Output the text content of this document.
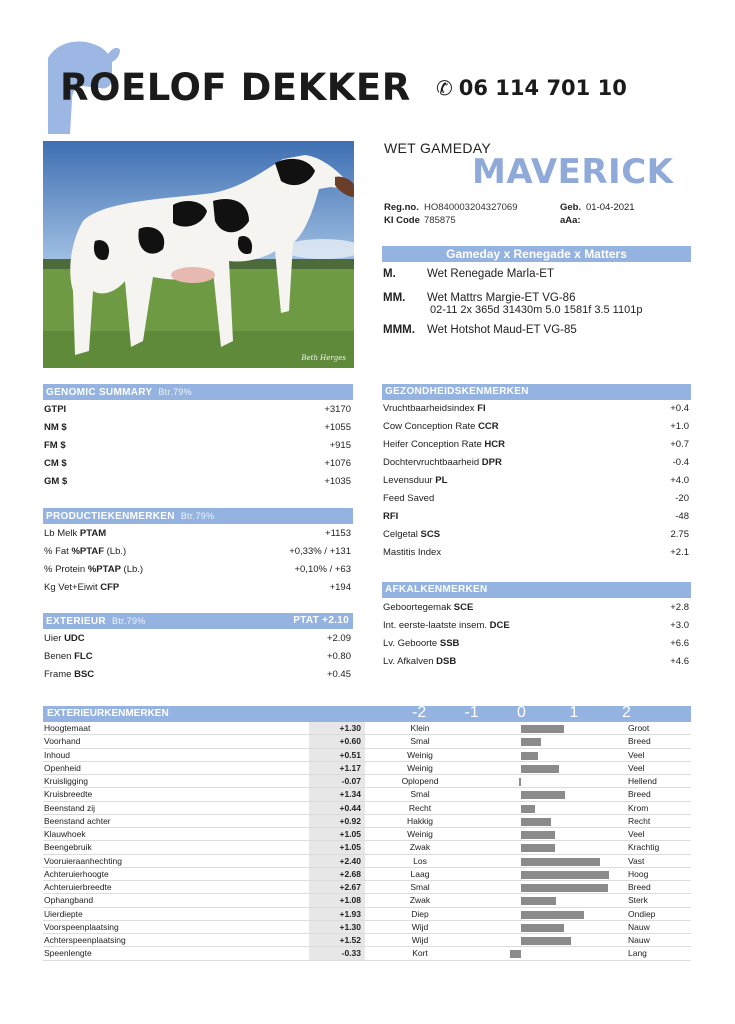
ROELOF DEKKER ✆ 06 114 701 10
Beth Herges
WET GAMEDAY
MAVERICK
Reg.no. HO840003204327069	Geb. 01-04-2021
KI Code 785875	aAa:
Gameday x Renegade x Matters
M.	Wet Renegade Marla-ET
MM. Wet Mattrs Margie-ET VG-86
02-11 2x 365d 31430m 5.0 1581f 3.5 1101p
MMM. Wet Hotshot Maud-ET VG-85
GENOMIC SUMMARY Btr.79%
GTPI	+3170
NM $	+1055
FM $	+915
CM $	+1076
GM $	+1035
PRODUCTIEKENMERKEN Btr.79%
Lb Melk PTAM	+1153
% Fat %PTAF (Lb.)	+0,33% / +131
% Protein %PTAP (Lb.)	+0,10% / +63
Kg Vet+Eiwit CFP	+194
EXTERIEUR Btr.79%	PTAT +2.10
Uier UDC	+2.09
Benen FLC	+0.80
Frame BSC	+0.45
GEZONDHEIDSKENMERKEN
Vruchtbaarheidsindex FI	+0.4
Cow Conception Rate CCR	+1.0
Heifer Conception Rate HCR	+0.7
Dochtervruchtbaarheid DPR	-0.4
Levensduur PL	+4.0
Feed Saved	-20
RFI	-48
Celgetal SCS	2.75
Mastitis Index	+2.1
AFKALKENMERKEN
Geboortegemak SCE	+2.8
Int. eerste-laatste insem. DCE	+3.0
Lv. Geboorte SSB	+6.6
Lv. Afkalven DSB	+4.6
EXTERIEURKENMERKEN	-2 -1 0	1	2
Hoogtemaat	+1.30	Klein	Groot
Voorhand	+0.60	Smal	Breed
Inhoud	+0.51	Weinig	Veel
Openheid	+1.17	Weinig	Veel
Kruisligging	-0.07	Oplopend	Hellend
Kruisbreedte	+1.34	Smal	Breed
Beenstand zij	+0.44	Recht	Krom
Beenstand achter	+0.92	Hakkig	Recht
Klauwhoek	+1.05	Weinig	Veel
Beengebruik	+1.05	Zwak	Krachtig
Vooruieraanhechting	+2.40	Los	Vast
Achteruierhoogte	+2.68	Laag	Hoog
Achteruierbreedte	+2.67	Smal	Breed
Ophangband	+1.08	Zwak	Sterk
Uierdiepte	+1.93	Diep	Ondiep
Voorspeenplaatsing	+1.30	Wijd	Nauw
Achterspeenplaatsing	+1.52	Wijd	Nauw
Speenlengte	-0.33	Kort	Lang
